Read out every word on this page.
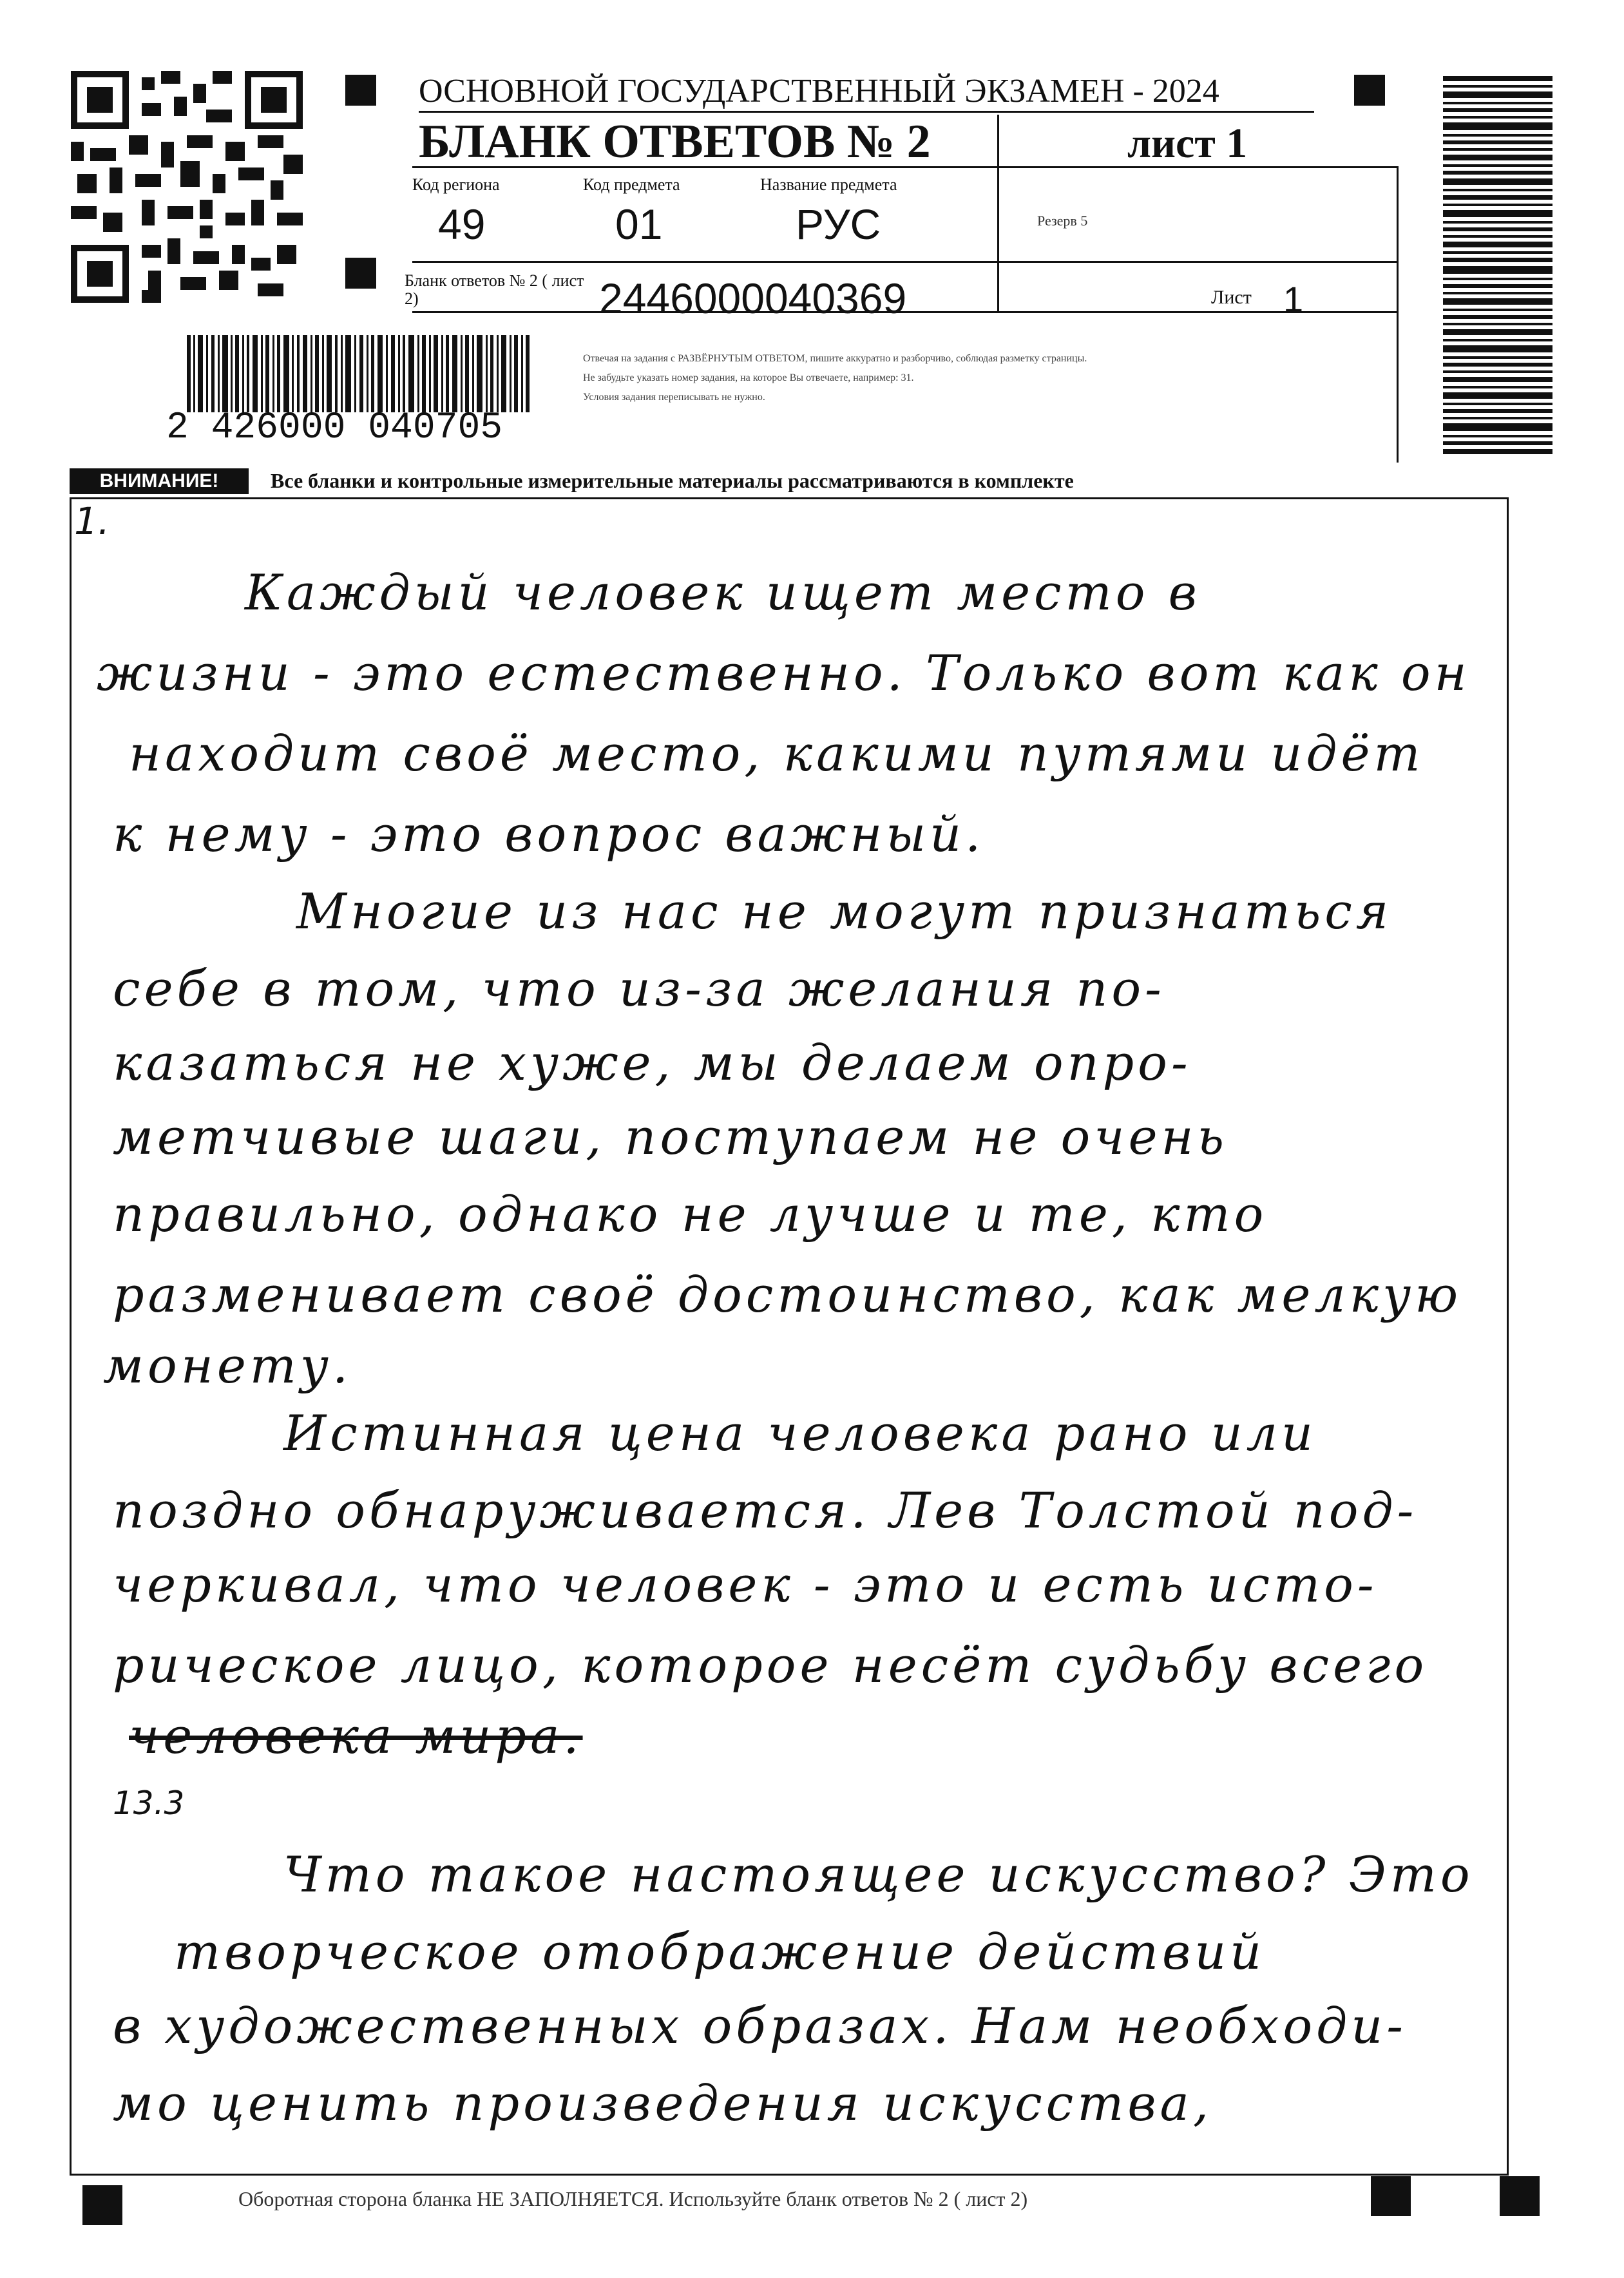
ОСНОВНОЙ ГОСУДАРСТВЕННЫЙ ЭКЗАМЕН - 2024
БЛАНК ОТВЕТОВ № 2	лист 1
Код региона
49
Код предмета
01
Название предмета
РУС	Резерв 5
Бланк ответов № 2 ( лист 2)	2446000040369	Лист 1
Отвечая на задания с РАЗВЁРНУТЫМ ОТВЕТОМ, пишите аккуратно и разборчиво, соблюдая разметку страницы.
Не забудьте указать номер задания, на которое Вы отвечаете, например: 31.
Условия задания переписывать не нужно.
2 426000 040705
ВНИМАНИЕ!	Все бланки и контрольные измерительные материалы рассматриваются в комплекте
1.
Каждый человек ищет место в
жизни - это естественно. Только вот как он
находит своё место, какими путями идёт
к нему - это вопрос важный.
Многие из нас не могут признаться
себе в том, что из-за желания по-
казаться не хуже, мы делаем опро-
метчивые шаги, поступаем не очень
правильно, однако не лучше и те, кто
разменивает своё достоинство, как мелкую
монету.
Истинная цена человека рано или
поздно обнаруживается. Лев Толстой под-
черкивал, что человек - это и есть исто-
рическое лицо, которое несёт судьбу всего
человека мира.
13.3
Что такое настоящее искусство? Это
творческое отображение действий
в художественных образах. Нам необходи-
мо ценить произведения искусства,
Оборотная сторона бланка НЕ ЗАПОЛНЯЕТСЯ. Используйте бланк ответов № 2 ( лист 2)
